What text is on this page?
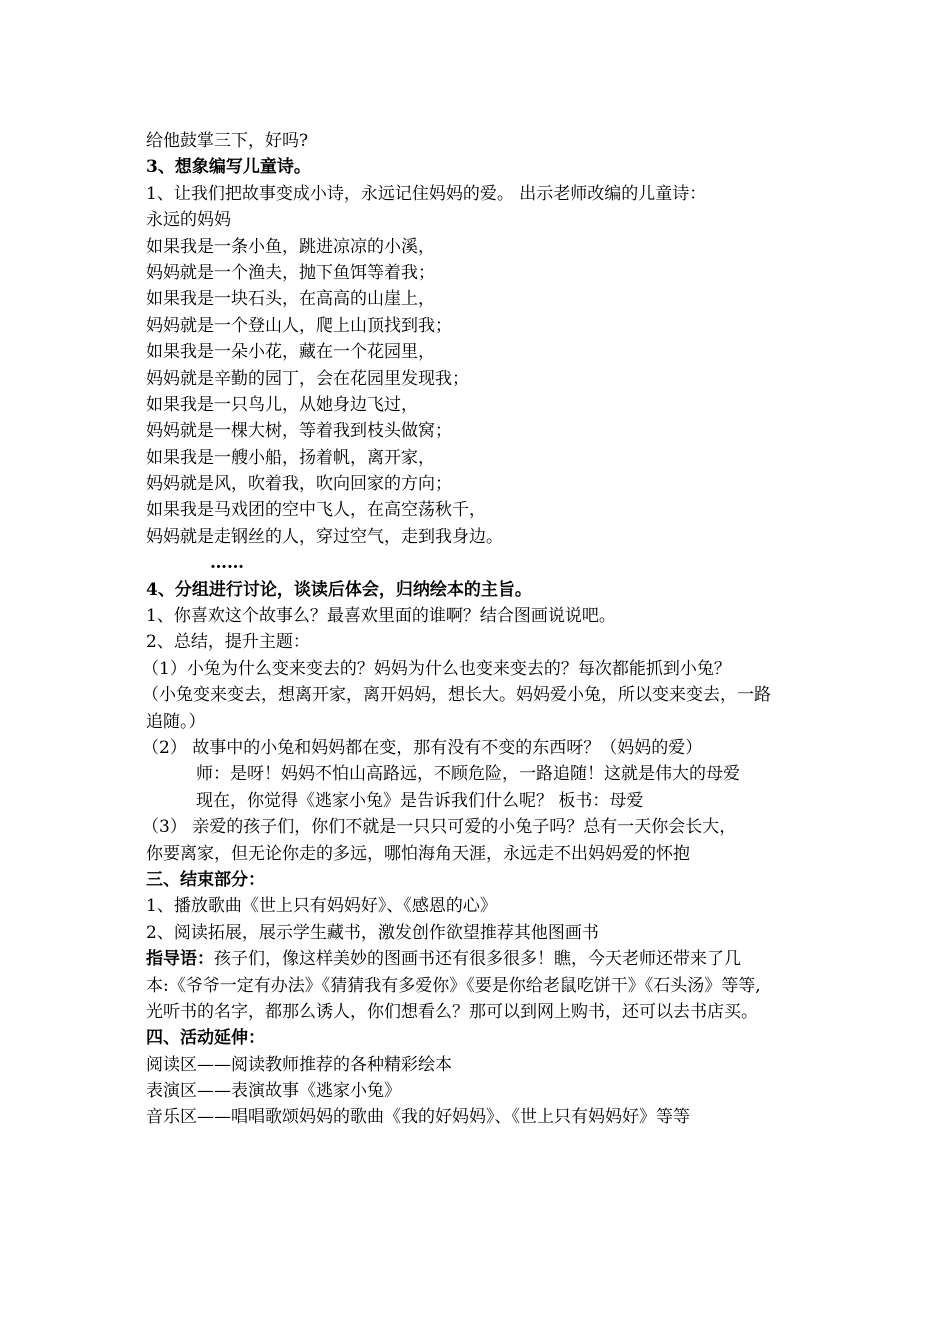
给他鼓掌三下，好吗?
3、想象编写儿童诗。
1、让我们把故事变成小诗，永远记住妈妈的爱。 出示老师改编的儿童诗：
永远的妈妈
如果我是一条小鱼，跳进凉凉的小溪，
妈妈就是一个渔夫，抛下鱼饵等着我；
如果我是一块石头，在高高的山崖上，
妈妈就是一个登山人，爬上山顶找到我；
如果我是一朵小花，藏在一个花园里，
妈妈就是辛勤的园丁，会在花园里发现我；
如果我是一只鸟儿，从她身边飞过，
妈妈就是一棵大树，等着我到枝头做窝；
如果我是一艘小船，扬着帆，离开家，
妈妈就是风，吹着我，吹向回家的方向；
如果我是马戏团的空中飞人，在高空荡秋千，
妈妈就是走钢丝的人，穿过空气，走到我身边。
……
4、分组进行讨论，谈读后体会，归纳绘本的主旨。
1、你喜欢这个故事么？最喜欢里面的谁啊？结合图画说说吧。
2、总结，提升主题：
（1）小兔为什么变来变去的？妈妈为什么也变来变去的？每次都能抓到小兔？
（小兔变来变去，想离开家，离开妈妈，想长大。妈妈爱小兔，所以变来变去，一路
追随。）
（2） 故事中的小兔和妈妈都在变，那有没有不变的东西呀？（妈妈的爱）
师：是呀！妈妈不怕山高路远，不顾危险，一路追随！这就是伟大的母爱
现在，你觉得《逃家小兔》是告诉我们什么呢？ 板书：母爱
（3） 亲爱的孩子们，你们不就是一只只可爱的小兔子吗？总有一天你会长大，
你要离家，但无论你走的多远，哪怕海角天涯，永远走不出妈妈爱的怀抱
三、结束部分：
1、播放歌曲《世上只有妈妈好》、《感恩的心》
2、阅读拓展，展示学生藏书，激发创作欲望推荐其他图画书
指导语：孩子们，像这样美妙的图画书还有很多很多！瞧，今天老师还带来了几
本:《爷爷一定有办法》《猜猜我有多爱你》《要是你给老鼠吃饼干》《石头汤》等等,
光听书的名字，都那么诱人，你们想看么？那可以到网上购书，还可以去书店买。
四、活动延伸：
阅读区——阅读教师推荐的各种精彩绘本
表演区——表演故事《逃家小兔》
音乐区——唱唱歌颂妈妈的歌曲《我的好妈妈》、《世上只有妈妈好》等等
